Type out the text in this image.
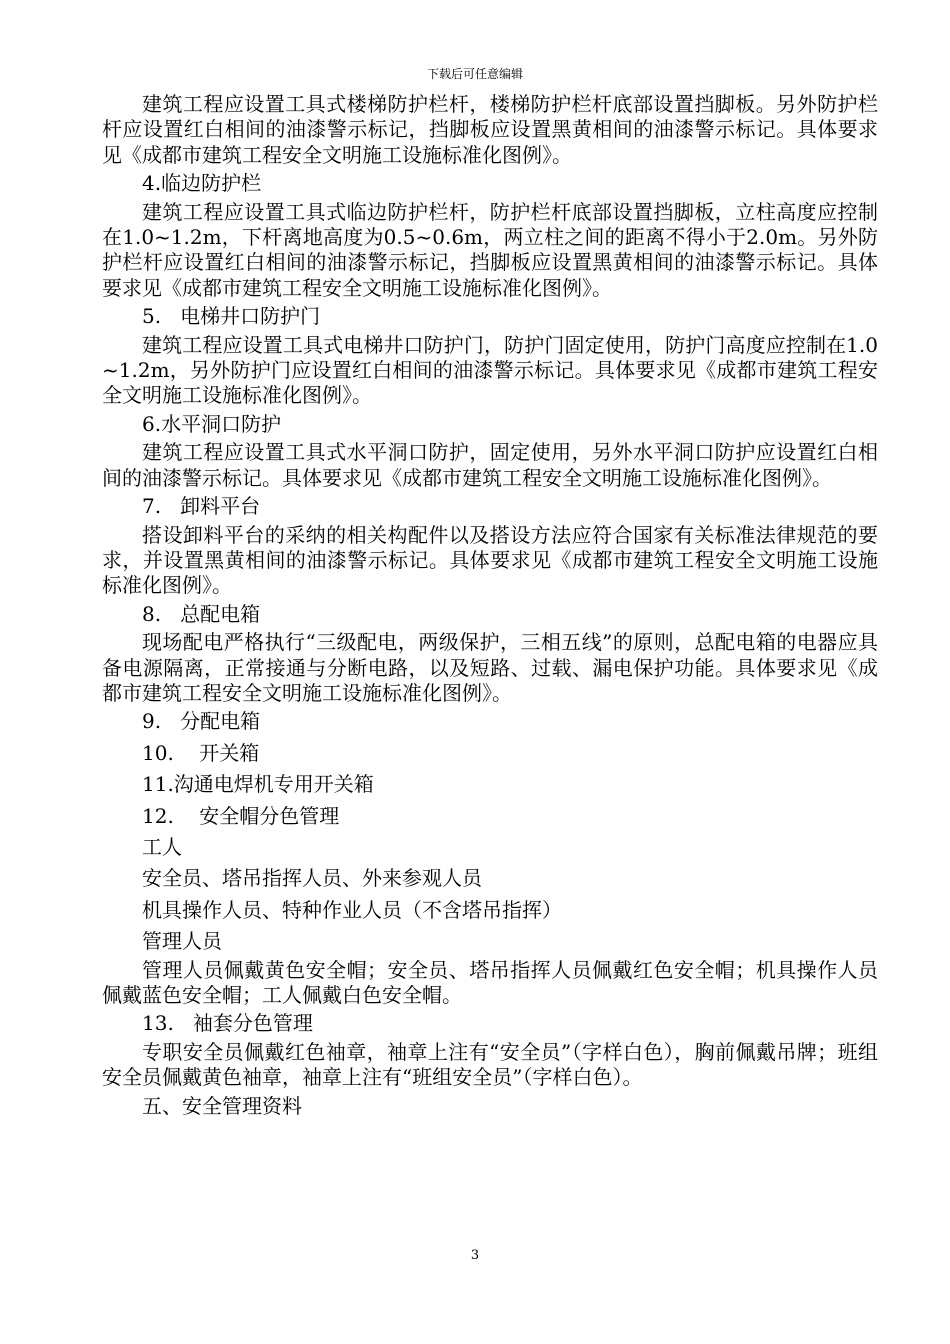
下载后可任意编辑
建筑工程应设置工具式楼梯防护栏杆，楼梯防护栏杆底部设置挡脚板。另外防护栏杆应设置红白相间的油漆警示标记，挡脚板应设置黑黄相间的油漆警示标记。具体要求见《成都市建筑工程安全文明施工设施标准化图例》。
4.临边防护栏
建筑工程应设置工具式临边防护栏杆，防护栏杆底部设置挡脚板，立柱高度应控制在1.0~1.2m，下杆离地高度为0.5~0.6m，两立柱之间的距离不得小于2.0m。另外防护栏杆应设置红白相间的油漆警示标记，挡脚板应设置黑黄相间的油漆警示标记。具体要求见《成都市建筑工程安全文明施工设施标准化图例》。
5.   电梯井口防护门
建筑工程应设置工具式电梯井口防护门，防护门固定使用，防护门高度应控制在1.0~1.2m，另外防护门应设置红白相间的油漆警示标记。具体要求见《成都市建筑工程安全文明施工设施标准化图例》。
6.水平洞口防护
建筑工程应设置工具式水平洞口防护，固定使用，另外水平洞口防护应设置红白相间的油漆警示标记。具体要求见《成都市建筑工程安全文明施工设施标准化图例》。
7.   卸料平台
搭设卸料平台的采纳的相关构配件以及搭设方法应符合国家有关标准法律规范的要求，并设置黑黄相间的油漆警示标记。具体要求见《成都市建筑工程安全文明施工设施标准化图例》。
8.   总配电箱
现场配电严格执行“三级配电，两级保护，三相五线”的原则，总配电箱的电器应具备电源隔离，正常接通与分断电路，以及短路、过载、漏电保护功能。具体要求见《成都市建筑工程安全文明施工设施标准化图例》。
9.   分配电箱
10.    开关箱
11.沟通电焊机专用开关箱
12.    安全帽分色管理
工人
安全员、塔吊指挥人员、外来参观人员
机具操作人员、特种作业人员（不含塔吊指挥）
管理人员
管理人员佩戴黄色安全帽；安全员、塔吊指挥人员佩戴红色安全帽；机具操作人员佩戴蓝色安全帽；工人佩戴白色安全帽。
13.   袖套分色管理
专职安全员佩戴红色袖章，袖章上注有“安全员”（字样白色），胸前佩戴吊牌；班组安全员佩戴黄色袖章，袖章上注有“班组安全员”（字样白色）。
五、安全管理资料
3
